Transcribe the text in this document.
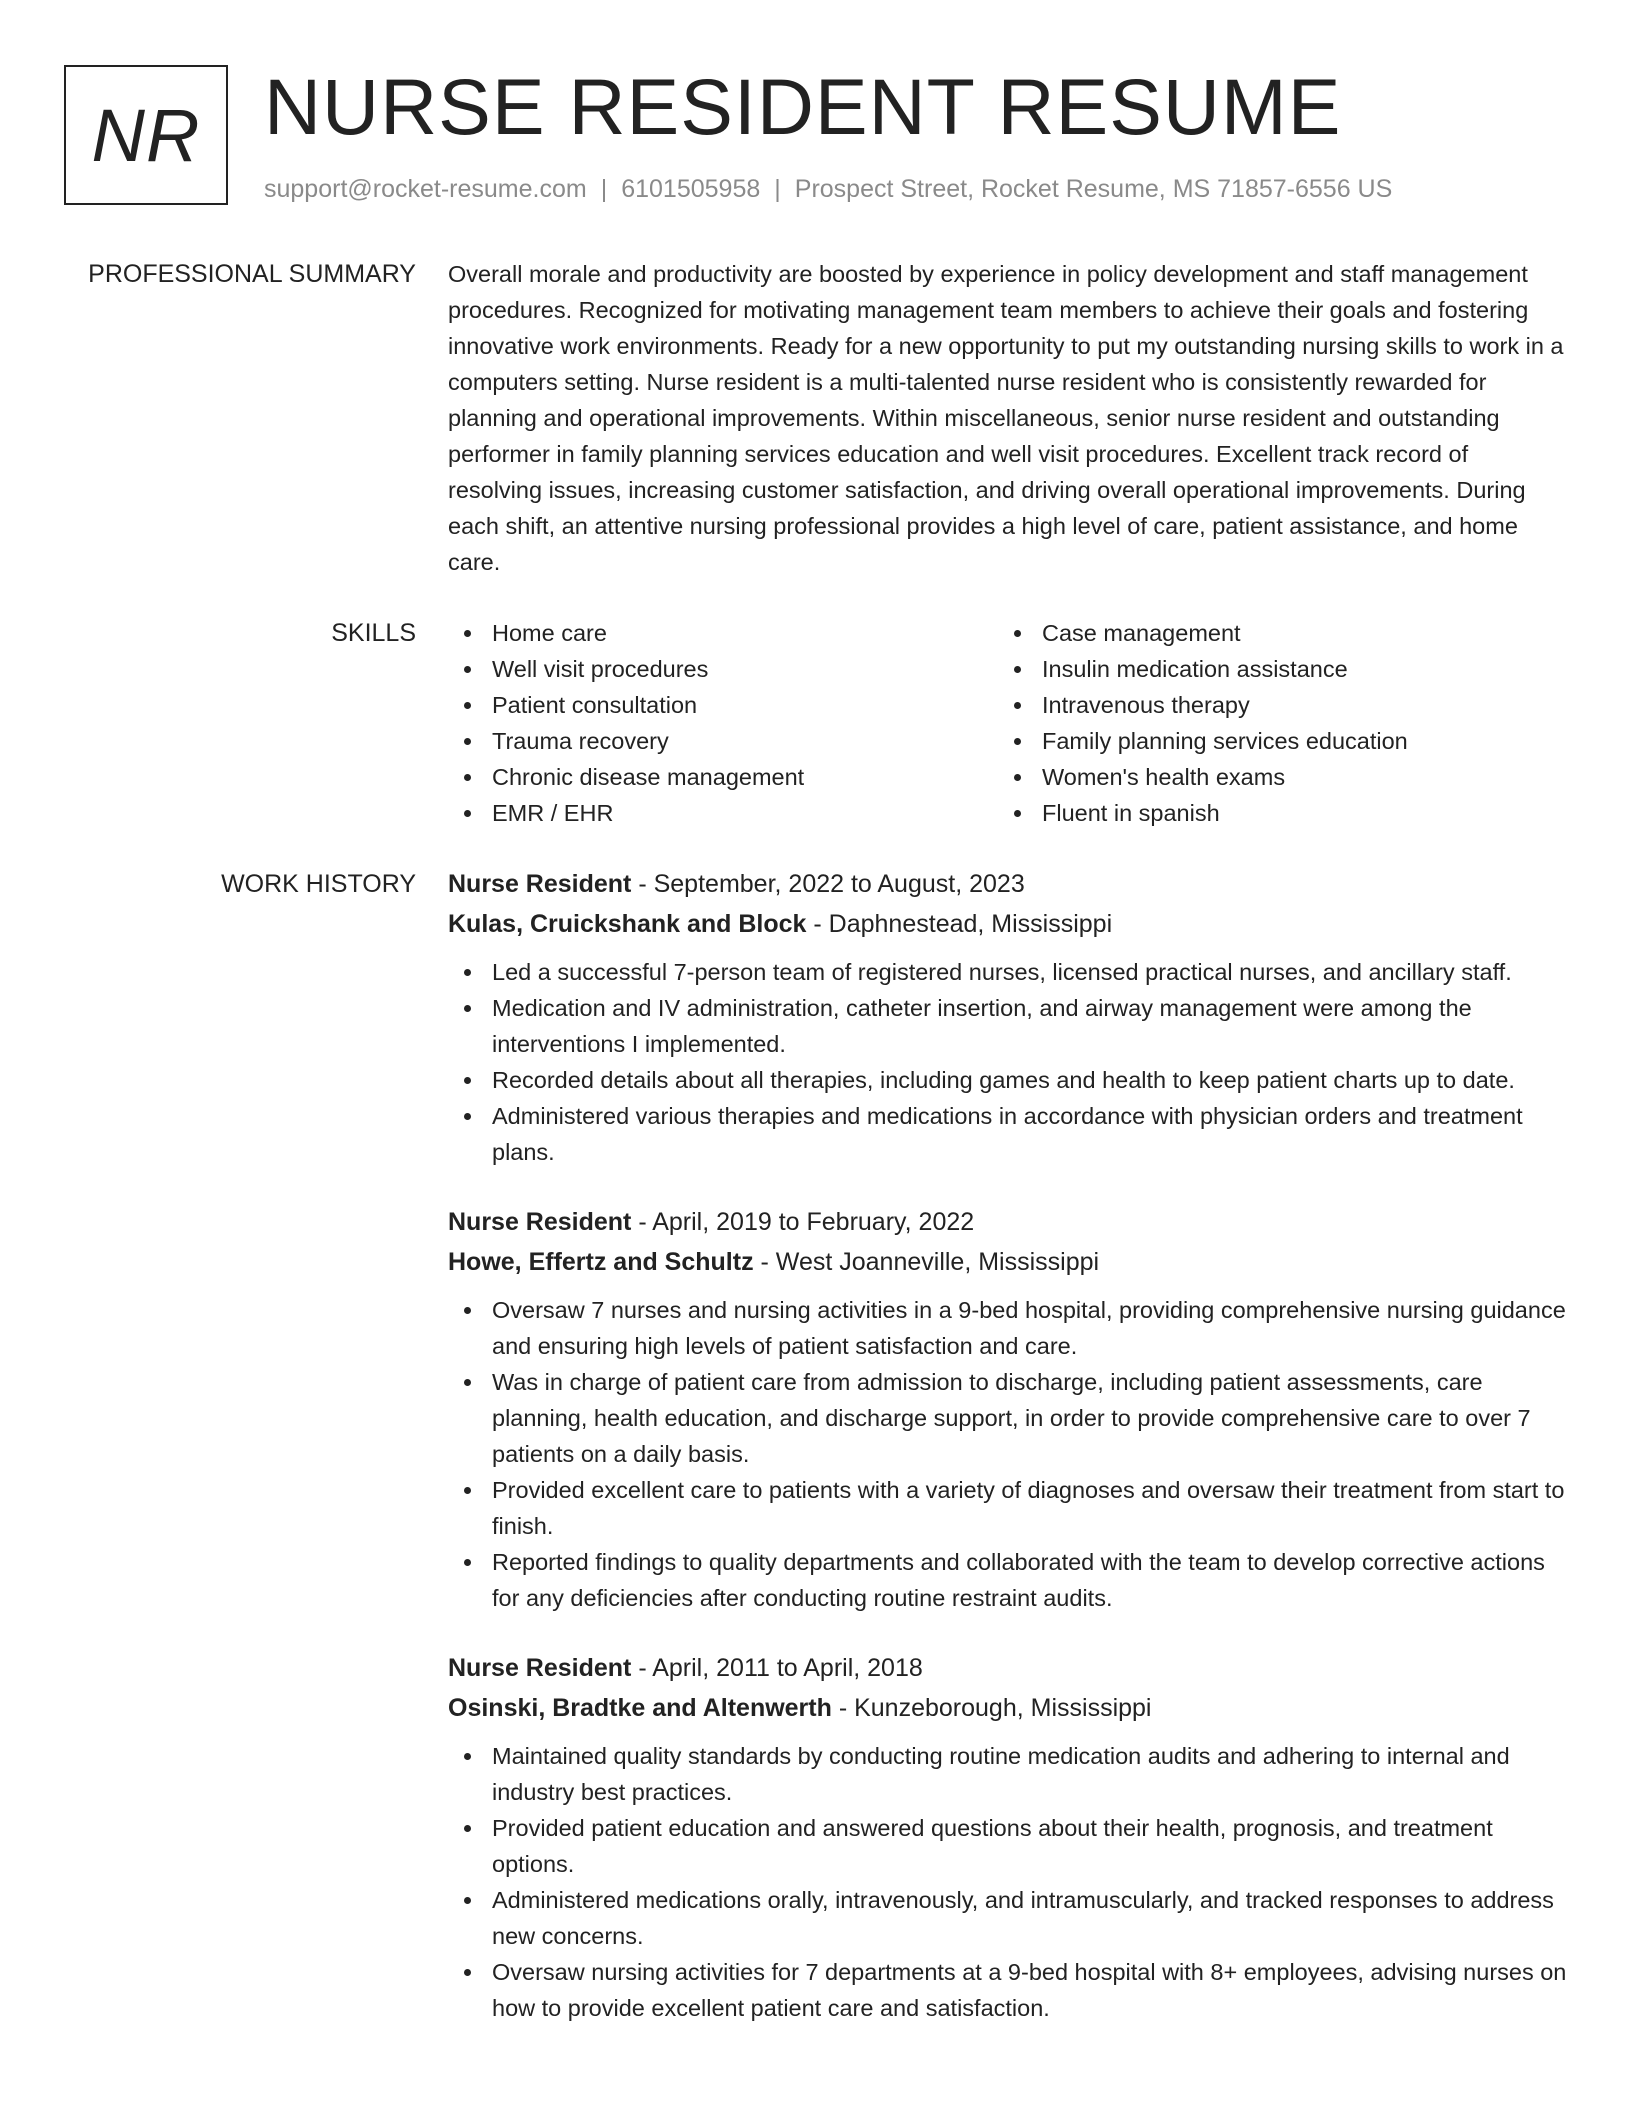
NR NURSE RESIDENT RESUME
support@rocket-resume.com | 6101505958 | Prospect Street, Rocket Resume, MS 71857-6556 US
PROFESSIONAL SUMMARY Overall morale and productivity are boosted by experience in policy development and staff management procedures. Recognized for motivating management team members to achieve their goals and fostering innovative work environments. Ready for a new opportunity to put my outstanding nursing skills to work in a computers setting. Nurse resident is a multi-talented nurse resident who is consistently rewarded for planning and operational improvements. Within miscellaneous, senior nurse resident and outstanding performer in family planning services education and well visit procedures. Excellent track record of resolving issues, increasing customer satisfaction, and driving overall operational improvements. During each shift, an attentive nursing professional provides a high level of care, patient assistance, and home care.

SKILLS	Home care
Well visit procedures
Patient consultation
Trauma recovery
Chronic disease management
EMR / EHR
Case management
Insulin medication assistance
Intravenous therapy
Family planning services education
Women's health exams
Fluent in spanish
WORK HISTORY Nurse Resident - September, 2022 to August, 2023
Kulas, Cruickshank and Block - Daphnestead, Mississippi
Led a successful 7-person team of registered nurses, licensed practical nurses, and ancillary staff.
Medication and IV administration, catheter insertion, and airway management were among the interventions I implemented.
Recorded details about all therapies, including games and health to keep patient charts up to date.
Administered various therapies and medications in accordance with physician orders and treatment plans.
Nurse Resident - April, 2019 to February, 2022
Howe, Effertz and Schultz - West Joanneville, Mississippi
Oversaw 7 nurses and nursing activities in a 9-bed hospital, providing comprehensive nursing guidance and ensuring high levels of patient satisfaction and care.
Was in charge of patient care from admission to discharge, including patient assessments, care planning, health education, and discharge support, in order to provide comprehensive care to over 7 patients on a daily basis.
Provided excellent care to patients with a variety of diagnoses and oversaw their treatment from start to finish.
Reported findings to quality departments and collaborated with the team to develop corrective actions for any deficiencies after conducting routine restraint audits.
Nurse Resident - April, 2011 to April, 2018
Osinski, Bradtke and Altenwerth - Kunzeborough, Mississippi
Maintained quality standards by conducting routine medication audits and adhering to internal and industry best practices.
Provided patient education and answered questions about their health, prognosis, and treatment options.
Administered medications orally, intravenously, and intramuscularly, and tracked responses to address new concerns.
Oversaw nursing activities for 7 departments at a 9-bed hospital with 8+ employees, advising nurses on how to provide excellent patient care and satisfaction.
